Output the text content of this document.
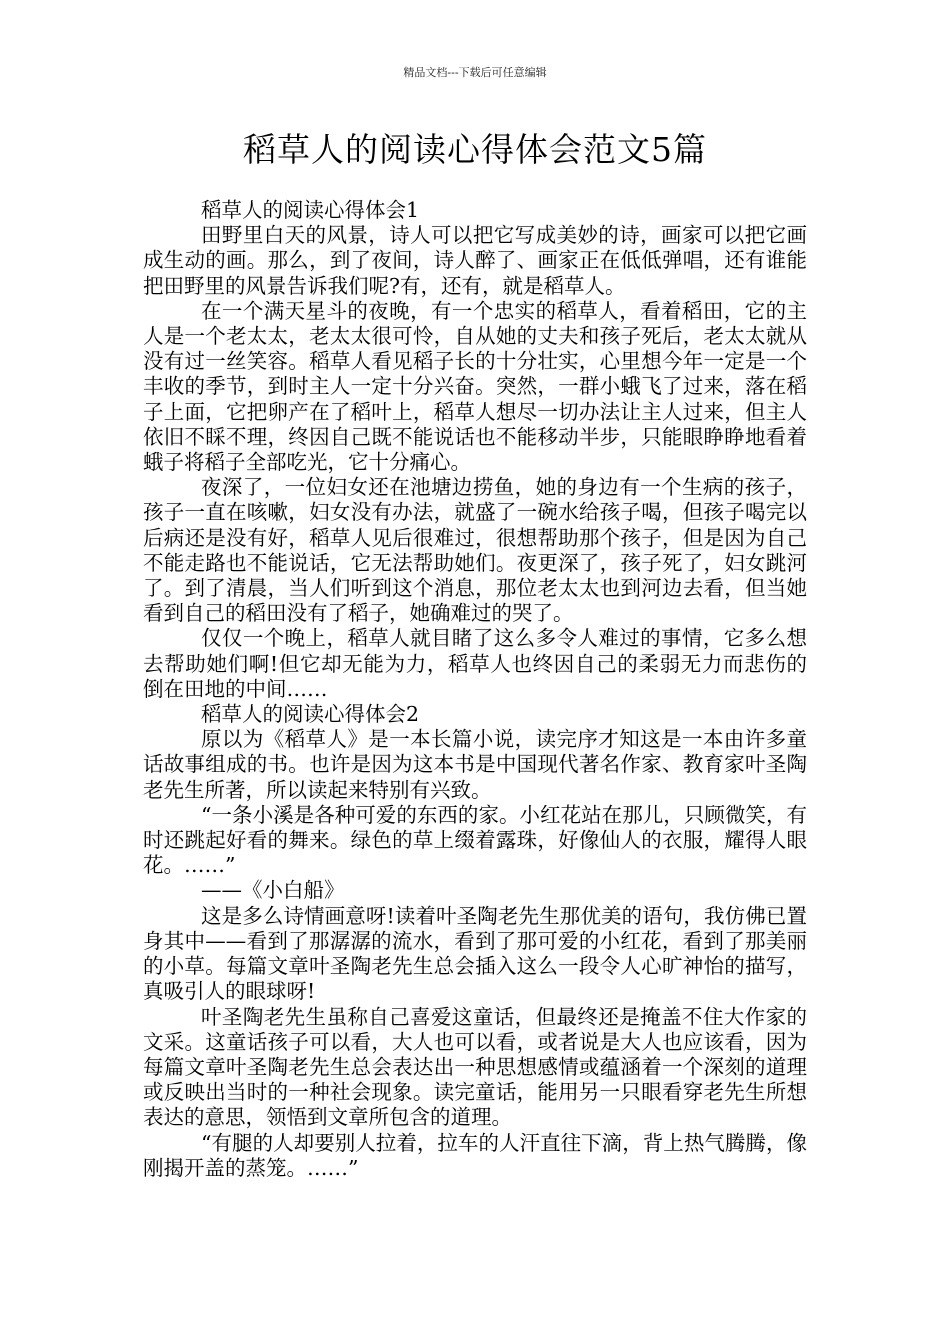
精品文档---下载后可任意编辑
稻草人的阅读心得体会范文5篇

稻草人的阅读心得体会1

田野里白天的风景，诗人可以把它写成美妙的诗，画家可以把它画成生动的画。那么，到了夜间，诗人醉了、画家正在低低弹唱，还有谁能把田野里的风景告诉我们呢?有，还有，就是稻草人。

在一个满天星斗的夜晚，有一个忠实的稻草人，看着稻田，它的主人是一个老太太，老太太很可怜，自从她的丈夫和孩子死后，老太太就从没有过一丝笑容。稻草人看见稻子长的十分壮实，心里想今年一定是一个丰收的季节，到时主人一定十分兴奋。突然，一群小蛾飞了过来，落在稻子上面，它把卵产在了稻叶上，稻草人想尽一切办法让主人过来，但主人依旧不睬不理，终因自己既不能说话也不能移动半步，只能眼睁睁地看着蛾子将稻子全部吃光，它十分痛心。

夜深了，一位妇女还在池塘边捞鱼，她的身边有一个生病的孩子，孩子一直在咳嗽，妇女没有办法，就盛了一碗水给孩子喝，但孩子喝完以后病还是没有好，稻草人见后很难过，很想帮助那个孩子，但是因为自己不能走路也不能说话，它无法帮助她们。夜更深了，孩子死了，妇女跳河了。到了清晨，当人们听到这个消息，那位老太太也到河边去看，但当她看到自己的稻田没有了稻子，她确难过的哭了。

仅仅一个晚上，稻草人就目睹了这么多令人难过的事情，它多么想去帮助她们啊!但它却无能为力，稻草人也终因自己的柔弱无力而悲伤的倒在田地的中间……

稻草人的阅读心得体会2

原以为《稻草人》是一本长篇小说，读完序才知这是一本由许多童话故事组成的书。也许是因为这本书是中国现代著名作家、教育家叶圣陶老先生所著，所以读起来特别有兴致。

“一条小溪是各种可爱的东西的家。小红花站在那儿，只顾微笑，有时还跳起好看的舞来。绿色的草上缀着露珠，好像仙人的衣服，耀得人眼花。……”

——《小白船》

这是多么诗情画意呀!读着叶圣陶老先生那优美的语句，我仿佛已置身其中——看到了那潺潺的流水，看到了那可爱的小红花，看到了那美丽的小草。每篇文章叶圣陶老先生总会插入这么一段令人心旷神怡的描写，真吸引人的眼球呀!

叶圣陶老先生虽称自己喜爱这童话，但最终还是掩盖不住大作家的文采。这童话孩子可以看，大人也可以看，或者说是大人也应该看，因为每篇文章叶圣陶老先生总会表达出一种思想感情或蕴涵着一个深刻的道理或反映出当时的一种社会现象。读完童话，能用另一只眼看穿老先生所想表达的意思，领悟到文章所包含的道理。

“有腿的人却要别人拉着，拉车的人汗直往下滴，背上热气腾腾，像刚揭开盖的蒸笼。……”
